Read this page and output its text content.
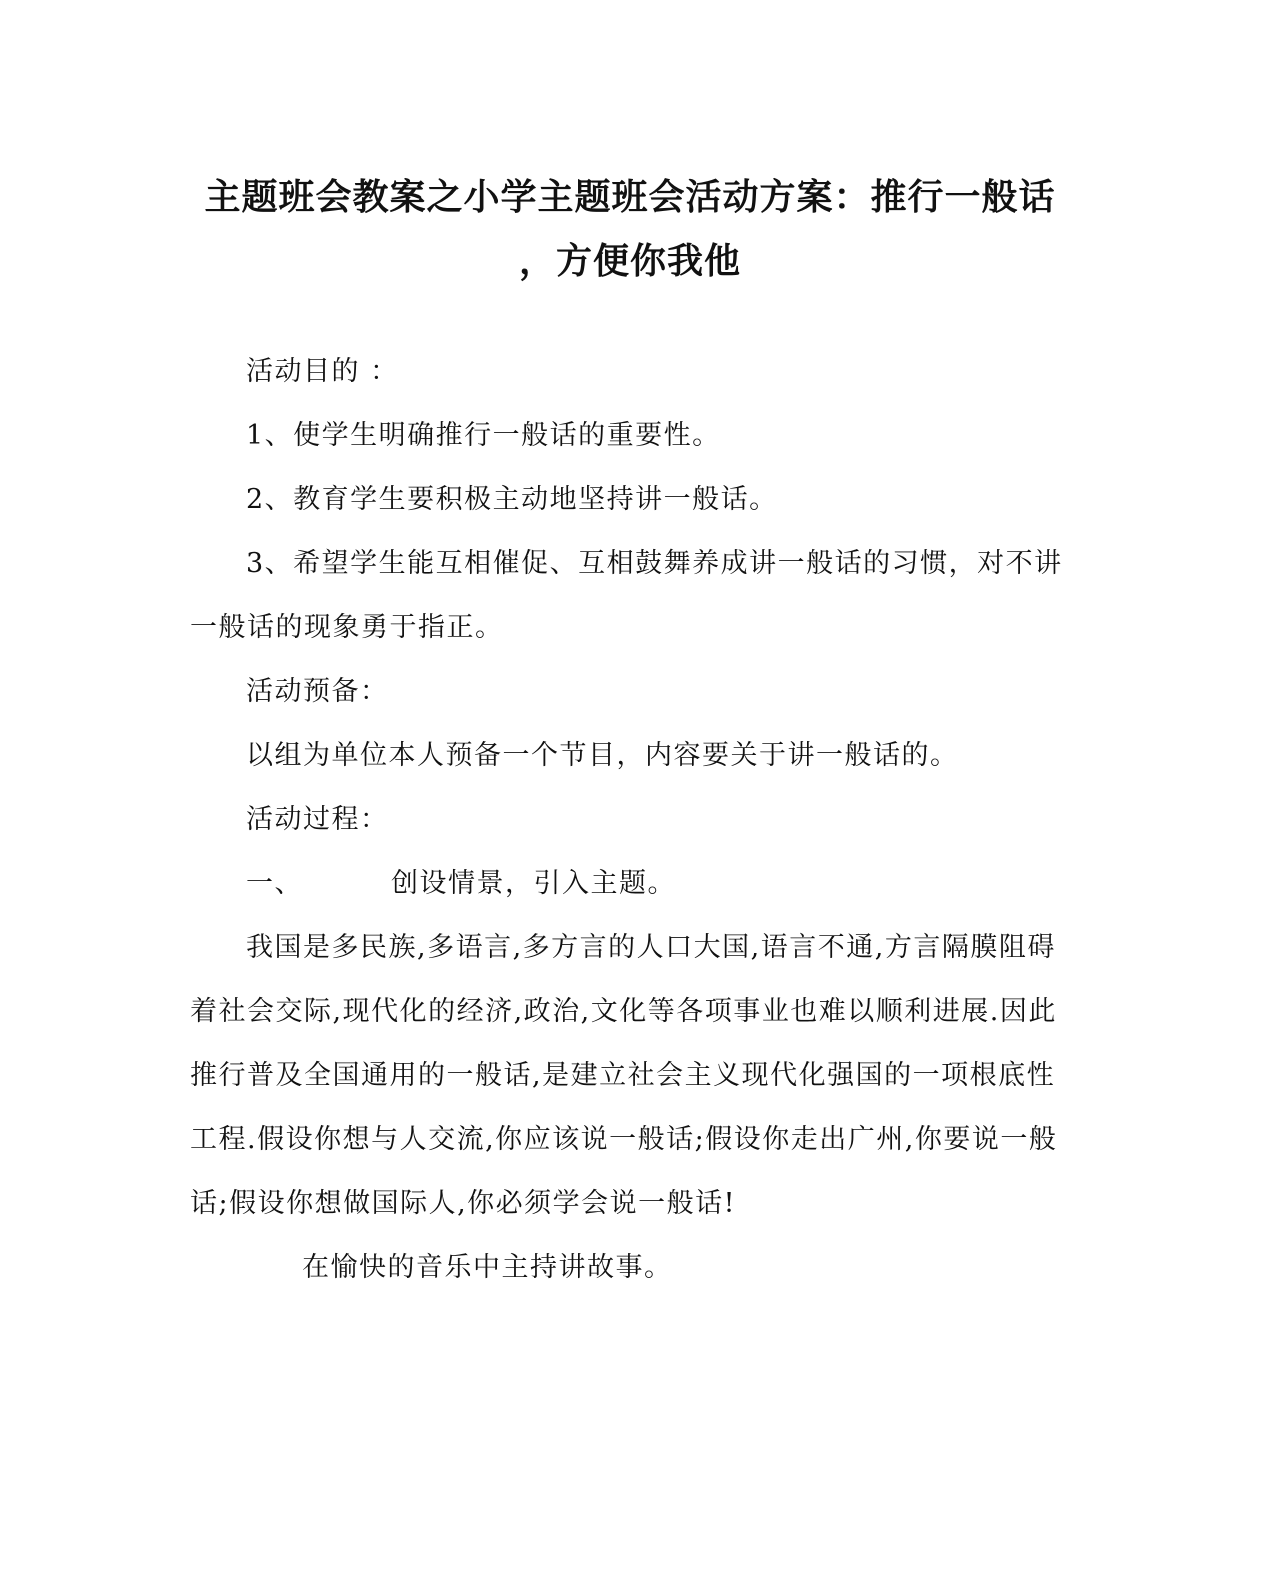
主题班会教案之小学主题班会活动方案：推行一般话
，方便你我他

活动目的 ：

1、使学生明确推行一般话的重要性。

2、教育学生要积极主动地坚持讲一般话。

3、希望学生能互相催促、互相鼓舞养成讲一般话的习惯，对不讲一般话的现象勇于指正。

活动预备：

以组为单位本人预备一个节目，内容要关于讲一般话的。

活动过程：

一、	创设情景，引入主题。

我国是多民族,多语言,多方言的人口大国,语言不通,方言隔膜阻碍着社会交际,现代化的经济,政治,文化等各项事业也难以顺利进展.因此推行普及全国通用的一般话,是建立社会主义现代化强国的一项根底性工程.假设你想与人交流,你应该说一般话;假设你走出广州,你要说一般话;假设你想做国际人,你必须学会说一般话!

在愉快的音乐中主持讲故事。
